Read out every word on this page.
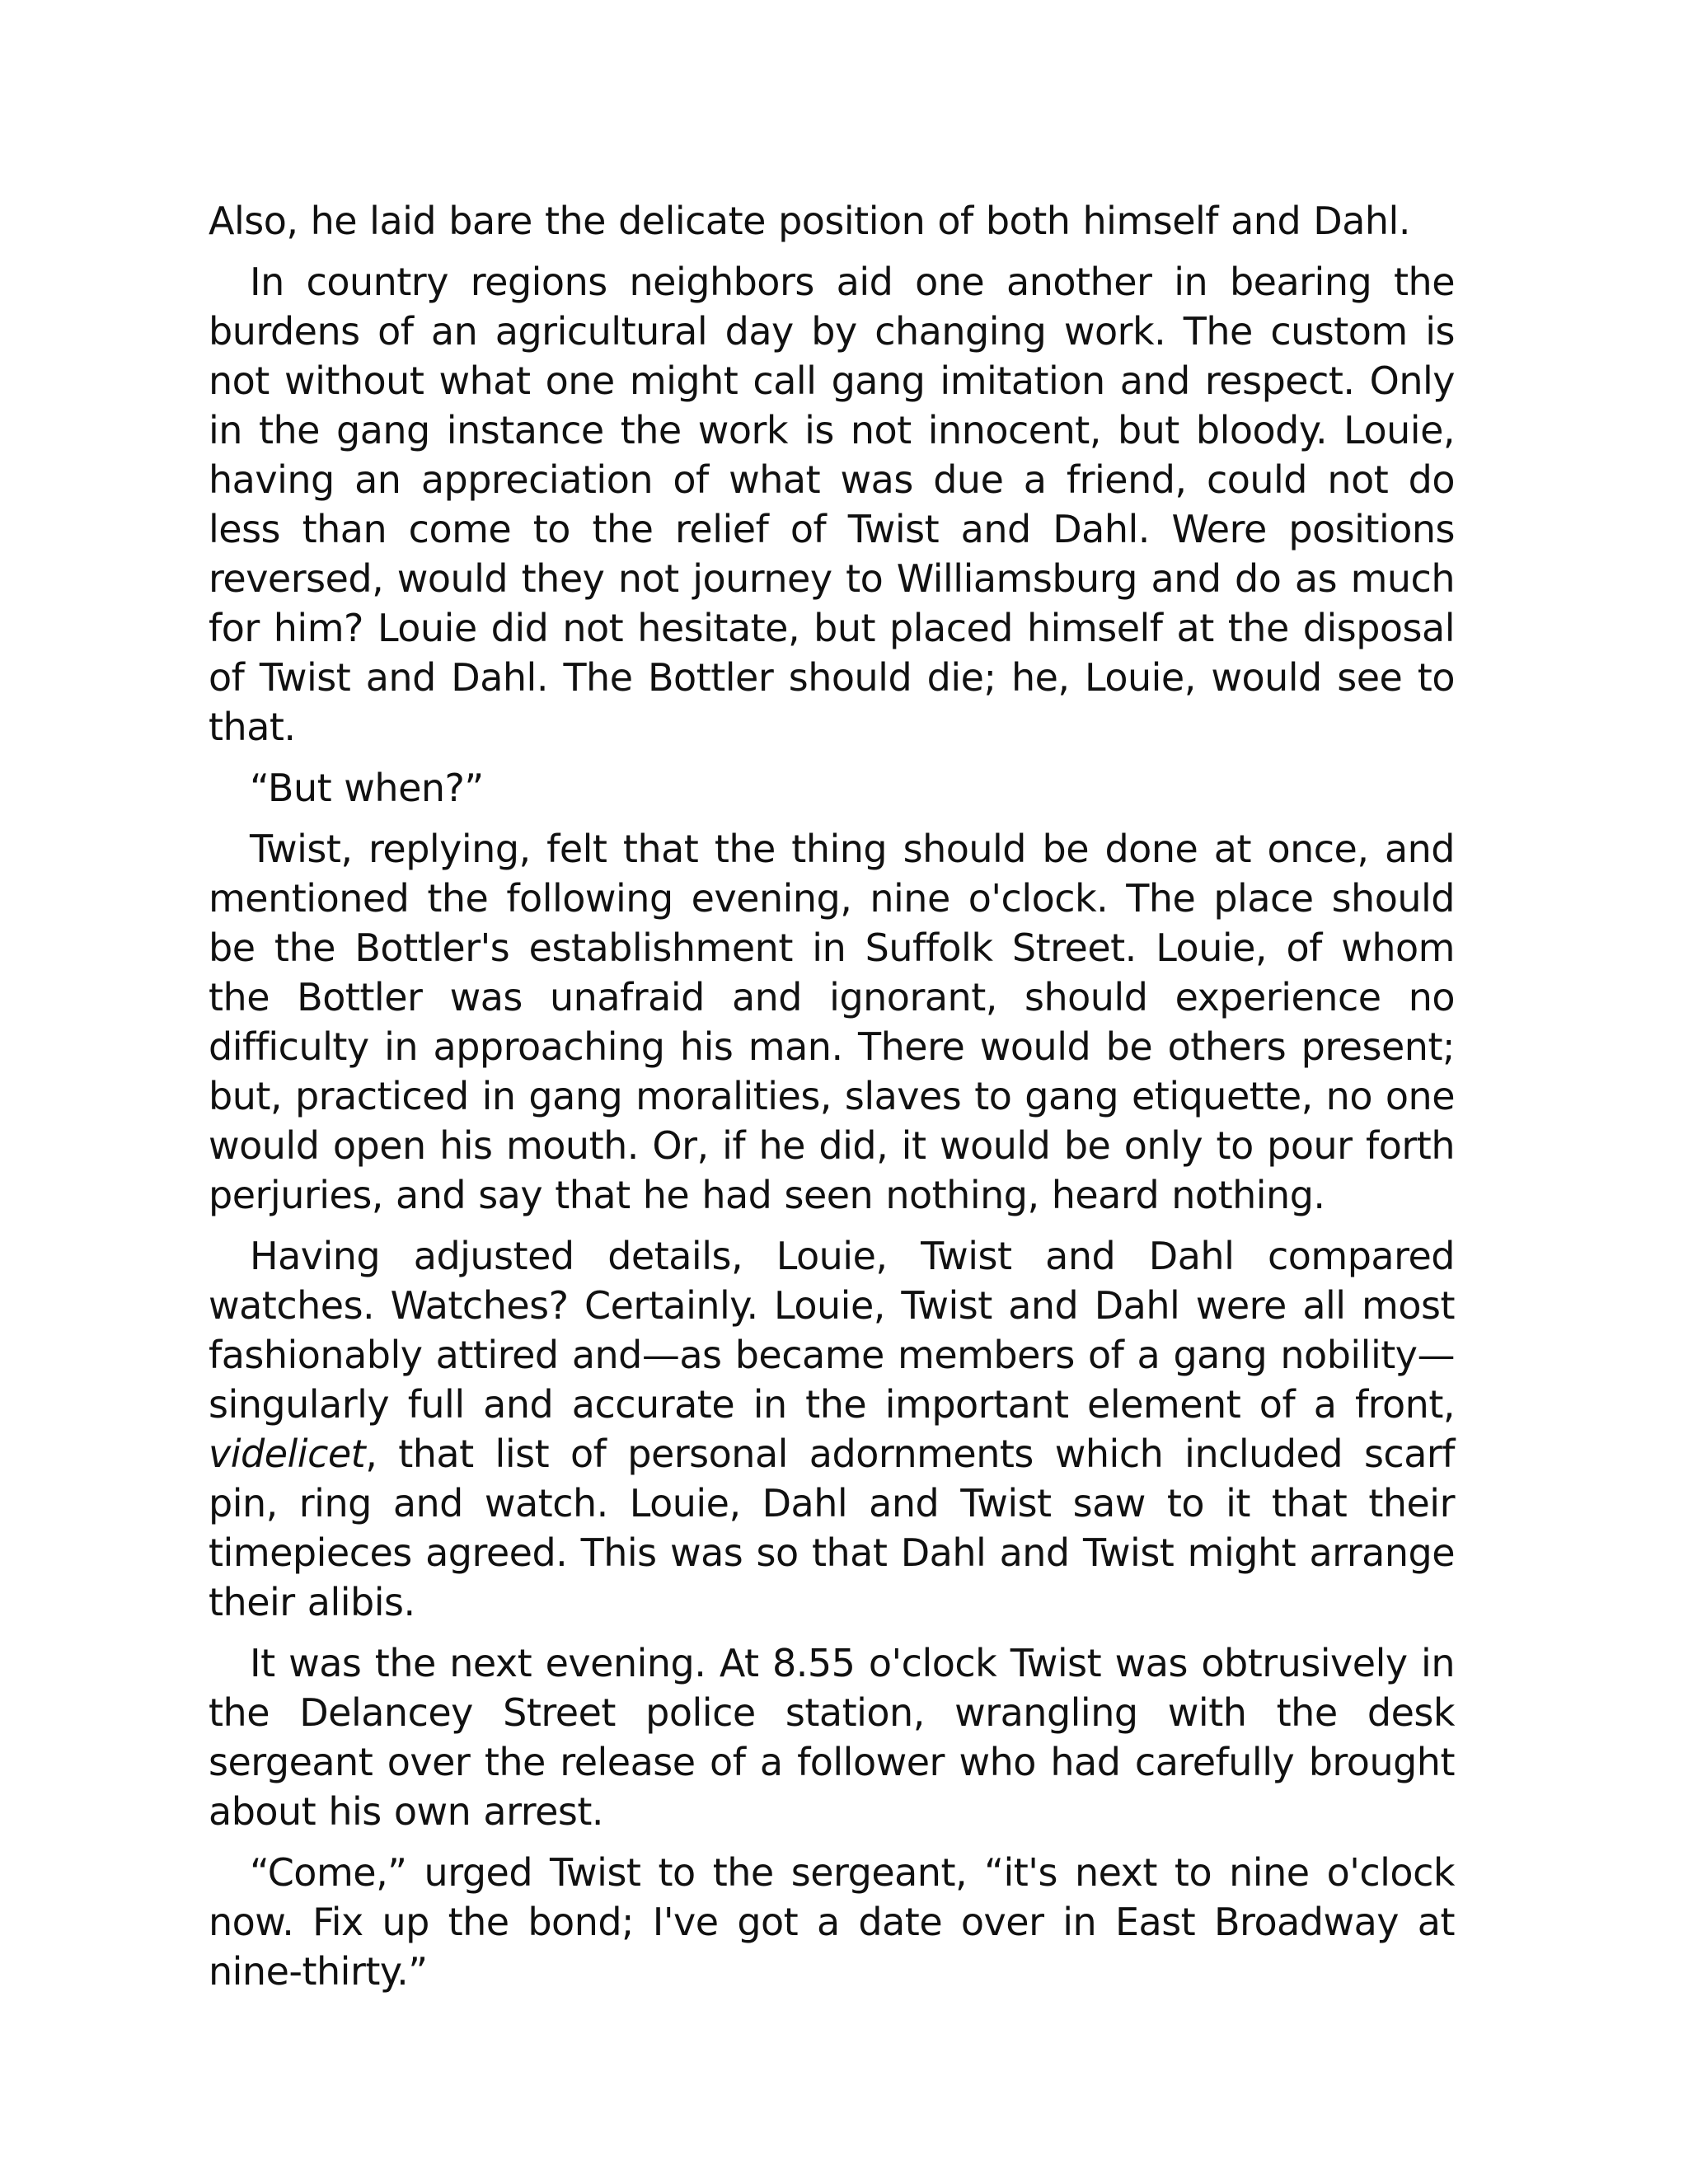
Also, he laid bare the delicate position of both himself and Dahl.

In country regions neighbors aid one another in bearing the burdens of an agricultural day by changing work. The custom is not without what one might call gang imitation and respect. Only in the gang instance the work is not innocent, but bloody. Louie, having an appreciation of what was due a friend, could not do less than come to the relief of Twist and Dahl. Were positions reversed, would they not journey to Williamsburg and do as much for him? Louie did not hesitate, but placed himself at the disposal of Twist and Dahl. The Bottler should die; he, Louie, would see to that.

“But when?”

Twist, replying, felt that the thing should be done at once, and mentioned the following evening, nine o'clock. The place should be the Bottler's establishment in Suffolk Street. Louie, of whom the Bottler was unafraid and ignorant, should experience no difficulty in approaching his man. There would be others present; but, practiced in gang moralities, slaves to gang etiquette, no one would open his mouth. Or, if he did, it would be only to pour forth perjuries, and say that he had seen nothing, heard nothing.

Having adjusted details, Louie, Twist and Dahl compared watches. Watches? Certainly. Louie, Twist and Dahl were all most fashionably attired and—as became members of a gang nobility—singularly full and accurate in the important element of a front, videlicet, that list of personal adornments which included scarf pin, ring and watch. Louie, Dahl and Twist saw to it that their timepieces agreed. This was so that Dahl and Twist might arrange their alibis.

It was the next evening. At 8.55 o'clock Twist was obtrusively in the Delancey Street police station, wrangling with the desk sergeant over the release of a follower who had carefully brought about his own arrest.

“Come,” urged Twist to the sergeant, “it's next to nine o'clock now. Fix up the bond; I've got a date over in East Broadway at nine-thirty.”
